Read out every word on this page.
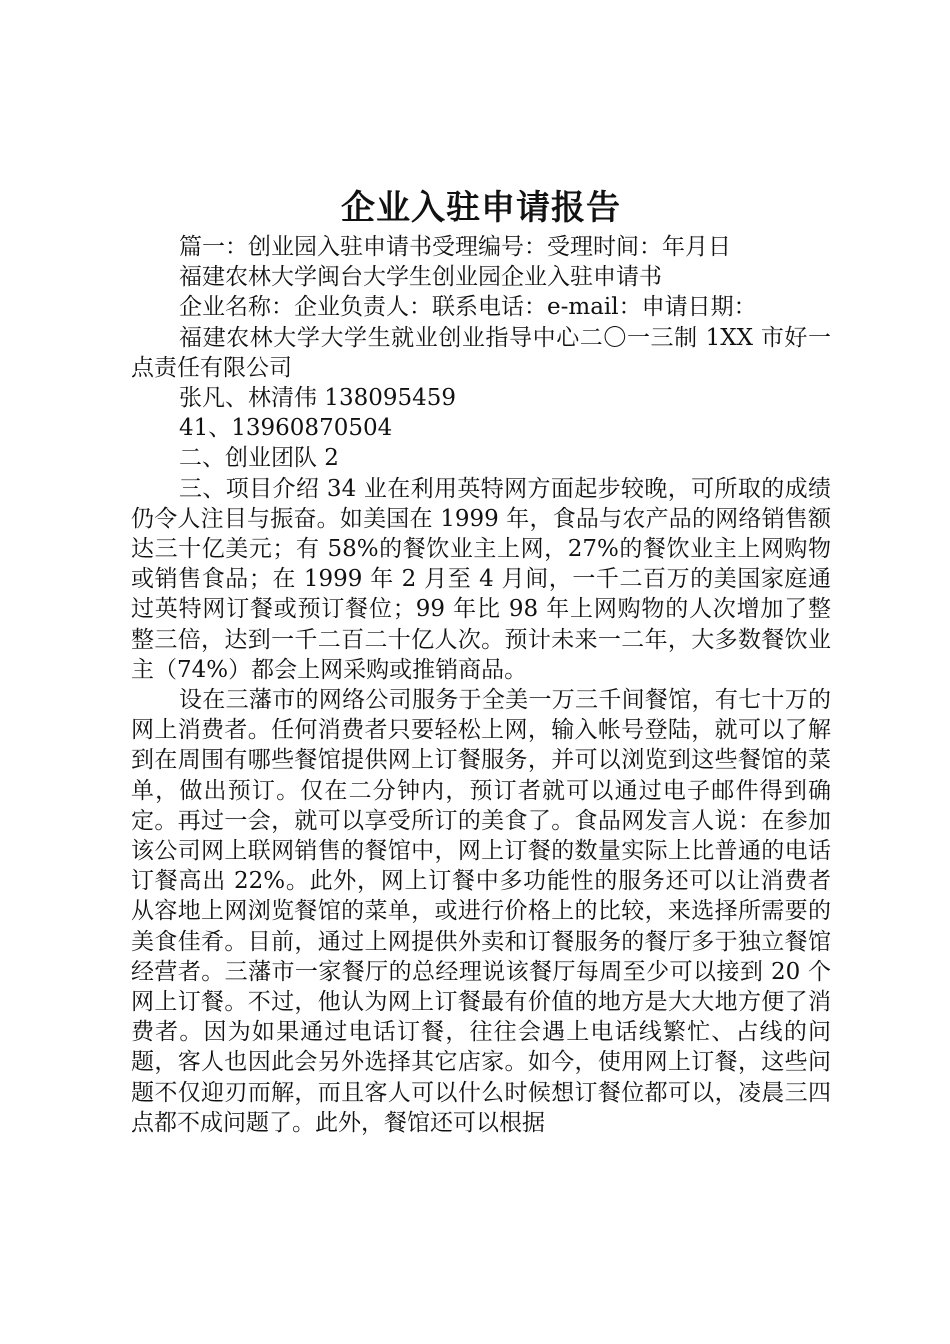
企业入驻申请报告

篇一：创业园入驻申请书受理编号：受理时间：年月日

福建农林大学闽台大学生创业园企业入驻申请书

企业名称：企业负责人：联系电话：e-mail：申请日期：

福建农林大学大学生就业创业指导中心二〇一三制 1XX 市好一点责任有限公司

张凡、林清伟 138095459

41、13960870504

二、创业团队 2

三、项目介绍 34 业在利用英特网方面起步较晚，可所取的成绩仍令人注目与振奋。如美国在 1999 年，食品与农产品的网络销售额达三十亿美元；有 58%的餐饮业主上网，27%的餐饮业主上网购物或销售食品；在 1999 年 2 月至 4 月间，一千二百万的美国家庭通过英特网订餐或预订餐位；99 年比 98 年上网购物的人次增加了整整三倍，达到一千二百二十亿人次。预计未来一二年，大多数餐饮业主（74%）都会上网采购或推销商品。

设在三藩市的网络公司服务于全美一万三千间餐馆，有七十万的网上消费者。任何消费者只要轻松上网，输入帐号登陆，就可以了解到在周围有哪些餐馆提供网上订餐服务，并可以浏览到这些餐馆的菜单，做出预订。仅在二分钟内，预订者就可以通过电子邮件得到确定。再过一会，就可以享受所订的美食了。食品网发言人说：在参加该公司网上联网销售的餐馆中，网上订餐的数量实际上比普通的电话订餐高出 22%。此外，网上订餐中多功能性的服务还可以让消费者从容地上网浏览餐馆的菜单，或进行价格上的比较，来选择所需要的美食佳肴。目前，通过上网提供外卖和订餐服务的餐厅多于独立餐馆经营者。三藩市一家餐厅的总经理说该餐厅每周至少可以接到 20 个网上订餐。不过，他认为网上订餐最有价值的地方是大大地方便了消费者。因为如果通过电话订餐，往往会遇上电话线繁忙、占线的问题，客人也因此会另外选择其它店家。如今，使用网上订餐，这些问题不仅迎刃而解，而且客人可以什么时候想订餐位都可以，凌晨三四点都不成问题了。此外，餐馆还可以根据
